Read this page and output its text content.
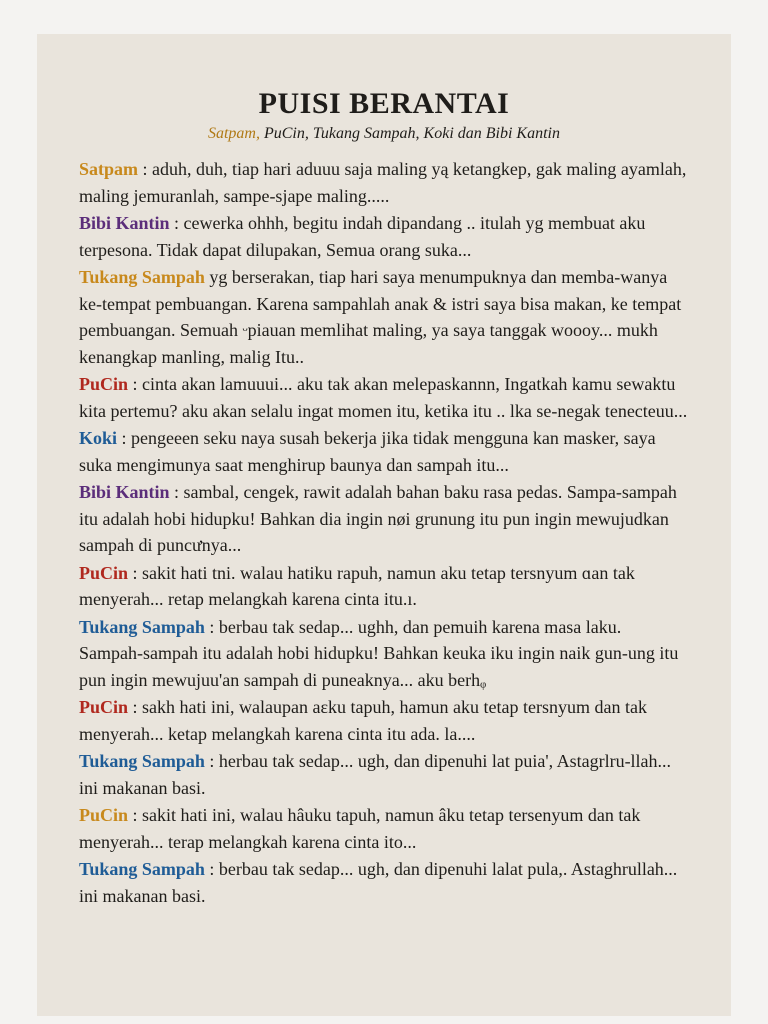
PUISI BERANTAI

Satpam, PuCin, Tukang Sampah, Koki dan Bibi Kantin

Satpam : aduh, duh, tiap hari aduuu saja maling yą ketangkep, gak maling ayamlah, maling jemuranlah, sampe-sjape maling.....

Bibi Kantin : cewerka ohhh, begitu indah dipandang .. itulah yg membuat aku terpesona. Tidak dapat dilupakan, Semua orang suka...

Tukang Sampah yg berserakan, tiap hari saya menumpuknya dan memba-wanya ke-tempat pembuangan. Karena sampahlah anak & istri saya bisa makan, ke tempat pembuangan. Semuah ᵕpiauan memlihat maling, ya saya tanggak woooy... mukh kenangkap manling, malig Itu..

PuCin : cinta akan lamuuui... aku tak akan melepaskannn, Ingatkah kamu sewaktu kita pertemu? aku akan selalu ingat momen itu, ketika itu .. lka se-negak tenecteuu...

Koki : pengeeen seku naya susah bekerja jika tidak mengguna kan masker, saya suka mengimunya saat menghirup baunya dan sampah itu...

Bibi Kantin : sambal, cengek, rawit adalah bahan baku rasa pedas. Sampa-sampah itu adalah hobi hidupku! Bahkan dia ingin nøi grunung itu pun ingin mewujudkan sampah di puncưnya...

PuCin : sakit hati tni. walau hatiku rapuh, namun aku tetap tersnyum ɑan tak menyerah... retap melangkah karena cinta itu.ı.

Tukang Sampah : berbau tak sedap... ughh, dan pemuih karena masa laku. Sampah-sampah itu adalah hobi hidupku! Bahkan keuka iku ingin naik gun-ung itu pun ingin mewujuu'an sampah di puneaknya... aku berhᵩ

PuCin : sakh hati ini, walaupan aɛku tapuh, hamun aku tetap tersnyum dan tak menyerah... ketap melangkah karena cinta itu ada. la....

Tukang Sampah : herbau tak sedap... ugh, dan dipenuhi lat puia', Astagrlru-llah... ini makanan basi.

PuCin : sakit hati ini, walau hâuku tapuh, namun âku tetap tersenyum dan tak menyerah... terap melangkah karena cinta ito...

Tukang Sampah : berbau tak sedap... ugh, dan dipenuhi lalat pula,. Astaghrullah... ini makanan basi.
